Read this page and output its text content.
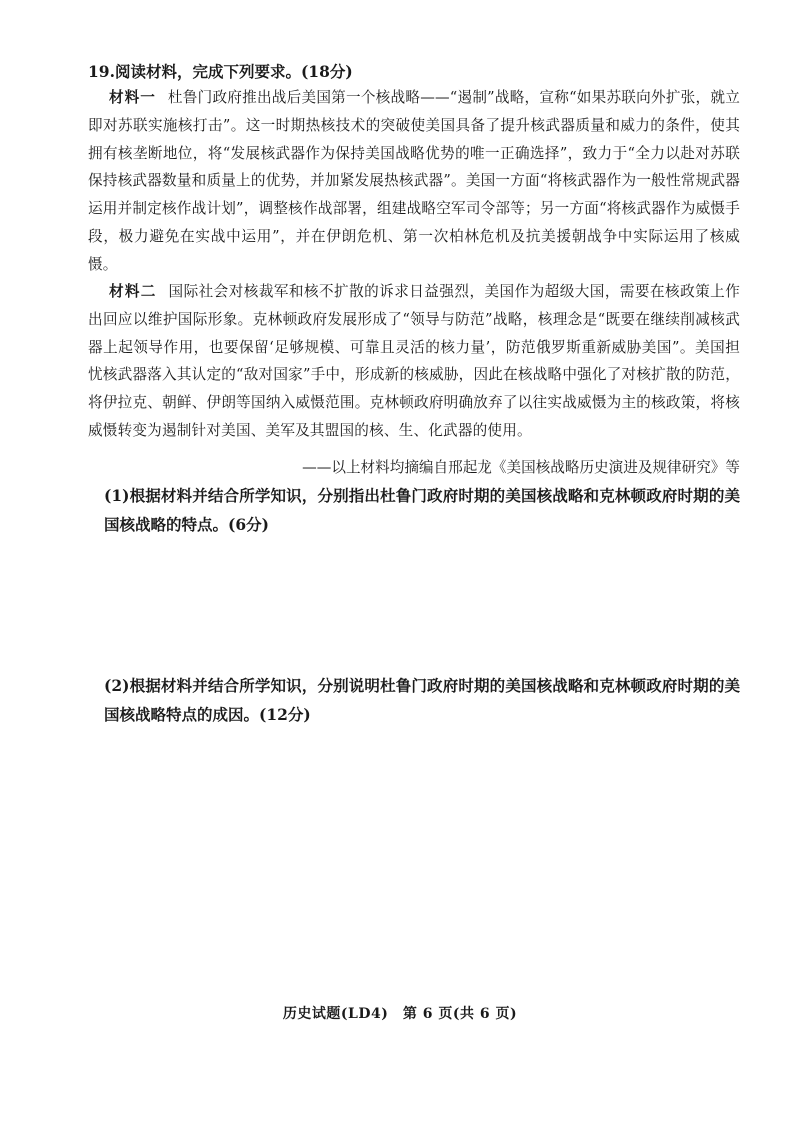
19.阅读材料，完成下列要求。(18分)
材料一 杜鲁门政府推出战后美国第一个核战略——“遏制”战略，宣称“如果苏联向外扩张，就立即对苏联实施核打击”。这一时期热核技术的突破使美国具备了提升核武器质量和威力的条件，使其拥有核垄断地位，将“发展核武器作为保持美国战略优势的唯一正确选择”，致力于“全力以赴对苏联保持核武器数量和质量上的优势，并加紧发展热核武器”。美国一方面“将核武器作为一般性常规武器运用并制定核作战计划”，调整核作战部署，组建战略空军司令部等；另一方面“将核武器作为威慑手段，极力避免在实战中运用”，并在伊朗危机、第一次柏林危机及抗美援朝战争中实际运用了核威慑。
材料二 国际社会对核裁军和核不扩散的诉求日益强烈，美国作为超级大国，需要在核政策上作出回应以维护国际形象。克林顿政府发展形成了“领导与防范”战略，核理念是“既要在继续削减核武器上起领导作用，也要保留‘足够规模、可靠且灵活的核力量’，防范俄罗斯重新威胁美国”。美国担忧核武器落入其认定的“敌对国家”手中，形成新的核威胁，因此在核战略中强化了对核扩散的防范，将伊拉克、朝鲜、伊朗等国纳入威慑范围。克林顿政府明确放弃了以往实战威慑为主的核政策，将核威慑转变为遏制针对美国、美军及其盟国的核、生、化武器的使用。
——以上材料均摘编自邢起龙《美国核战略历史演进及规律研究》等
(1)根据材料并结合所学知识，分别指出杜鲁门政府时期的美国核战略和克林顿政府时期的美国核战略的特点。(6分)
(2)根据材料并结合所学知识，分别说明杜鲁门政府时期的美国核战略和克林顿政府时期的美国核战略特点的成因。(12分)
历史试题(LD4)　第 6 页(共 6 页)
